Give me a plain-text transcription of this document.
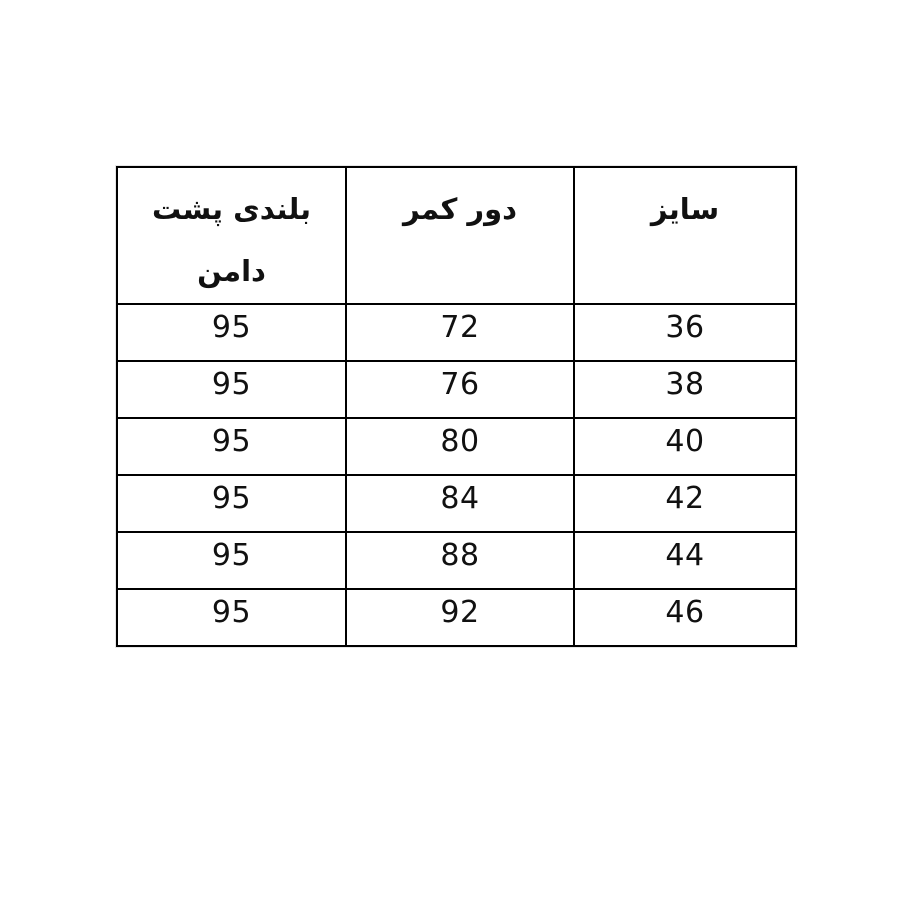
سایز	دور کمر	بلندی پشت دامن
36	72	95
38	76	95
40	80	95
42	84	95
44	88	95
46	92	95
